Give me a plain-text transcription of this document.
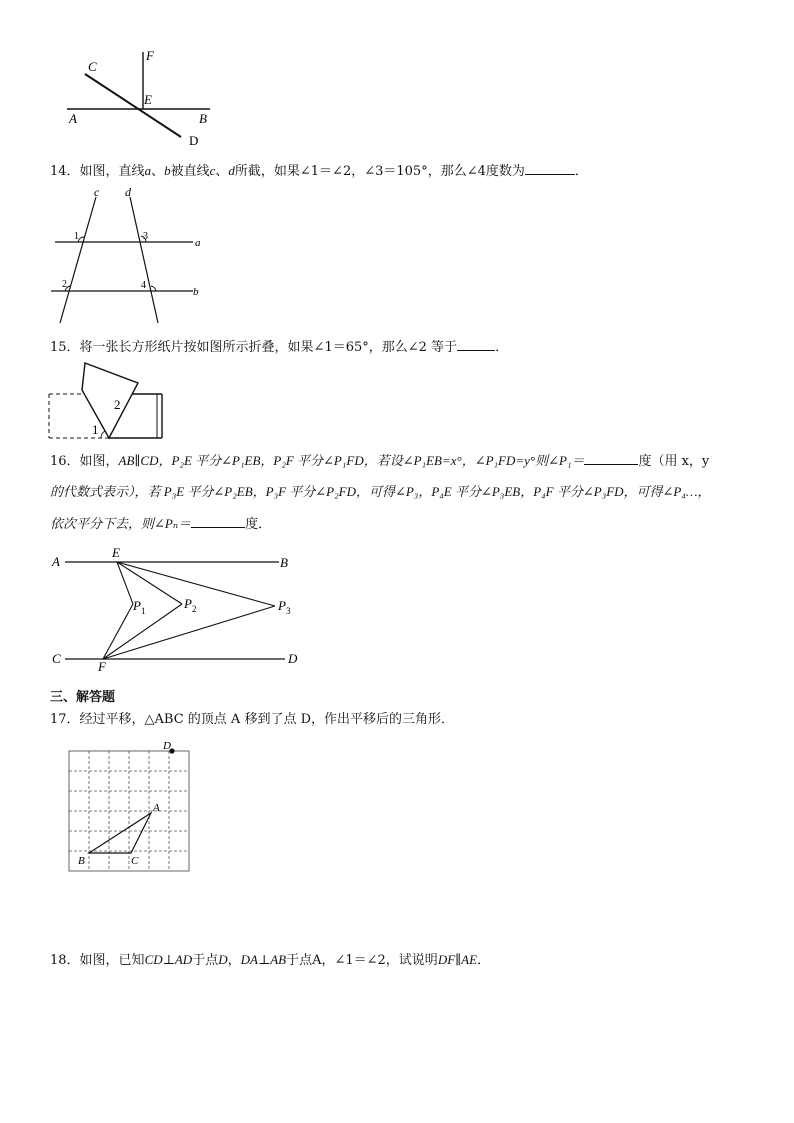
C
F
E
A	B
D
14．如图，直线a、b被直线c、d所截，如果∠1＝∠2，∠3＝105°，那么∠4度数为	．
c d
1
2
3
4
a
b
15．将一张长方形纸片按如图所示折叠，如果∠1＝65°，那么∠2 等于	．
2
1
16．如图，AB∥CD，P₂E 平分∠P₁EB，P₂F 平分∠P₁FD，若设∠P₁EB=x°，∠P₁FD=y°则∠P₁＝	度（用 x，y
的代数式表示），若 P₃E 平分∠P₂EB，P₃F 平分∠P₂FD，可得∠P₃，P₄E 平分∠P₃EB，P₄F 平分∠P₃FD，可得∠P₄…，
依次平分下去，则∠Pₙ＝	度．
A
E
B
$P_1$	$P_2$	$P_3$
C
F
D
三、解答题
17．经过平移，△ABC 的顶点 A 移到了点 D，作出平移后的三角形．
D
A
B	C
18．如图，已知CD⊥AD于点D，DA⊥AB于点A，∠1＝∠2，试说明DF∥AE．
